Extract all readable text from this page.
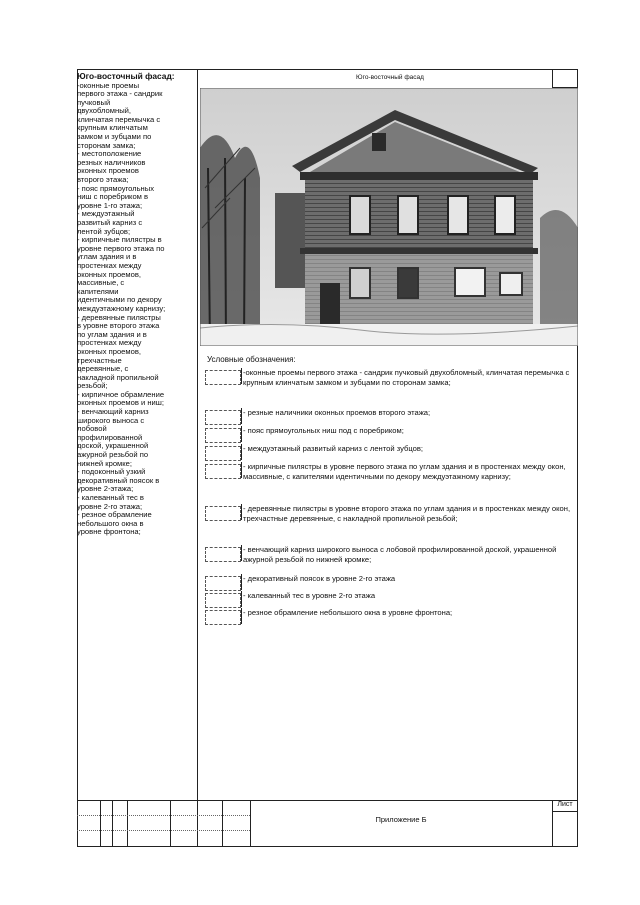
Юго-восточный фасад:
-оконные проемы
первого этажа - сандрик
пучковый
двухобломный,
клинчатая перемычка с
крупным клинчатым
замком и зубцами по
сторонам замка;
- местоположение
резных наличников
оконных проемов
второго этажа;
- пояс прямоугольных
ниш с поребриком в
уровне 1-го этажа;
- междуэтажный
развитый карниз с
лентой зубцов;
- кирпичные пилястры в
уровне первого этажа по
углам здания и в
простенках между
оконных проемов,
массивные, с
капителями
идентичными по декору
междуэтажному карнизу;
- деревянные пилястры
в уровне второго этажа
по углам здания и в
простенках между
оконных проемов,
трехчастные
деревянные, с
накладной пропильной
резьбой;
- кирпичное обрамление
оконных проемов и ниш;
- венчающий карниз
широкого выноса с
лобовой
профилированной
доской, украшенной
ажурной резьбой по
нижней кромке;
- подоконный узкий
декоративный поясок в
уровне 2-этажа;
- калеванный тес в
уровне 2-го этажа;
- резное обрамление
небольшого окна в
уровне фронтона;
Юго-восточный фасад
Условные обозначения:
-оконные проемы первого этажа - сандрик пучковый двухобломный, клинчатая перемычка с крупным клинчатым замком и зубцами по сторонам замка;
- резные наличники оконных проемов второго этажа;
- пояс прямоугольных ниш под с поребриком;
- междуэтажный развитый карниз с лентой зубцов;
- кирпичные пилястры в уровне первого этажа по углам здания и в простенках между окон, массивные, с капителями идентичными по декору междуэтажному карнизу;
- деревянные пилястры в уровне второго этажа по углам здания и в простенках между окон, трехчастные деревянные, с накладной пропильной резьбой;
- венчающий карниз широкого выноса с лобовой профилированной доской, украшенной ажурной резьбой по нижней кромке;
- декоративный поясок в уровне 2-го этажа
- калеванный тес в уровне 2-го этажа
- резное обрамление небольшого окна в уровне фронтона;
Приложение Б
Лист
